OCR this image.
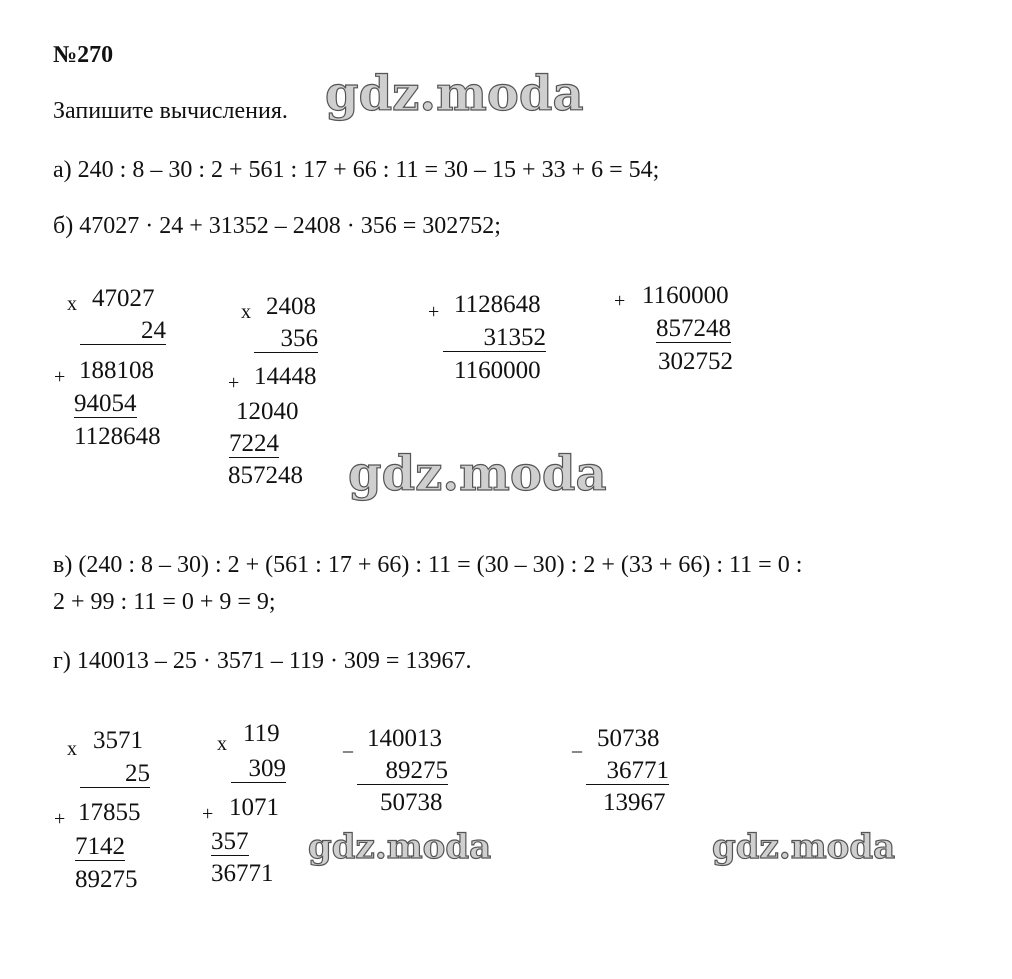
№270
Запишите вычисления.
а) 240 : 8 – 30 : 2 + 561 : 17 + 66 : 11 = 30 – 15 + 33 + 6 = 54;
б) 47027 · 24 + 31352 – 2408 · 356 = 302752;
в) (240 : 8 – 30) : 2 + (561 : 17 + 66) : 11 = (30 – 30) : 2 + (33 + 66) : 11 = 0 :
2 + 99 : 11 = 0 + 9 = 9;
г) 140013 – 25 · 3571 – 119 · 309 = 13967.
x 47027
24
+ 188108
94054
1128648
x 2408
356
+ 14448
12040
7224
857248
+ 1128648
31352
1160000
+ 1160000
857248
302752
x 3571
25
+ 17855
7142
89275
x 119
309
+ 1071
357
36771
_ 140013
89275
50738
_ 50738
36771
13967
gdz.moda
gdz.moda
gdz.moda	gdz.moda
